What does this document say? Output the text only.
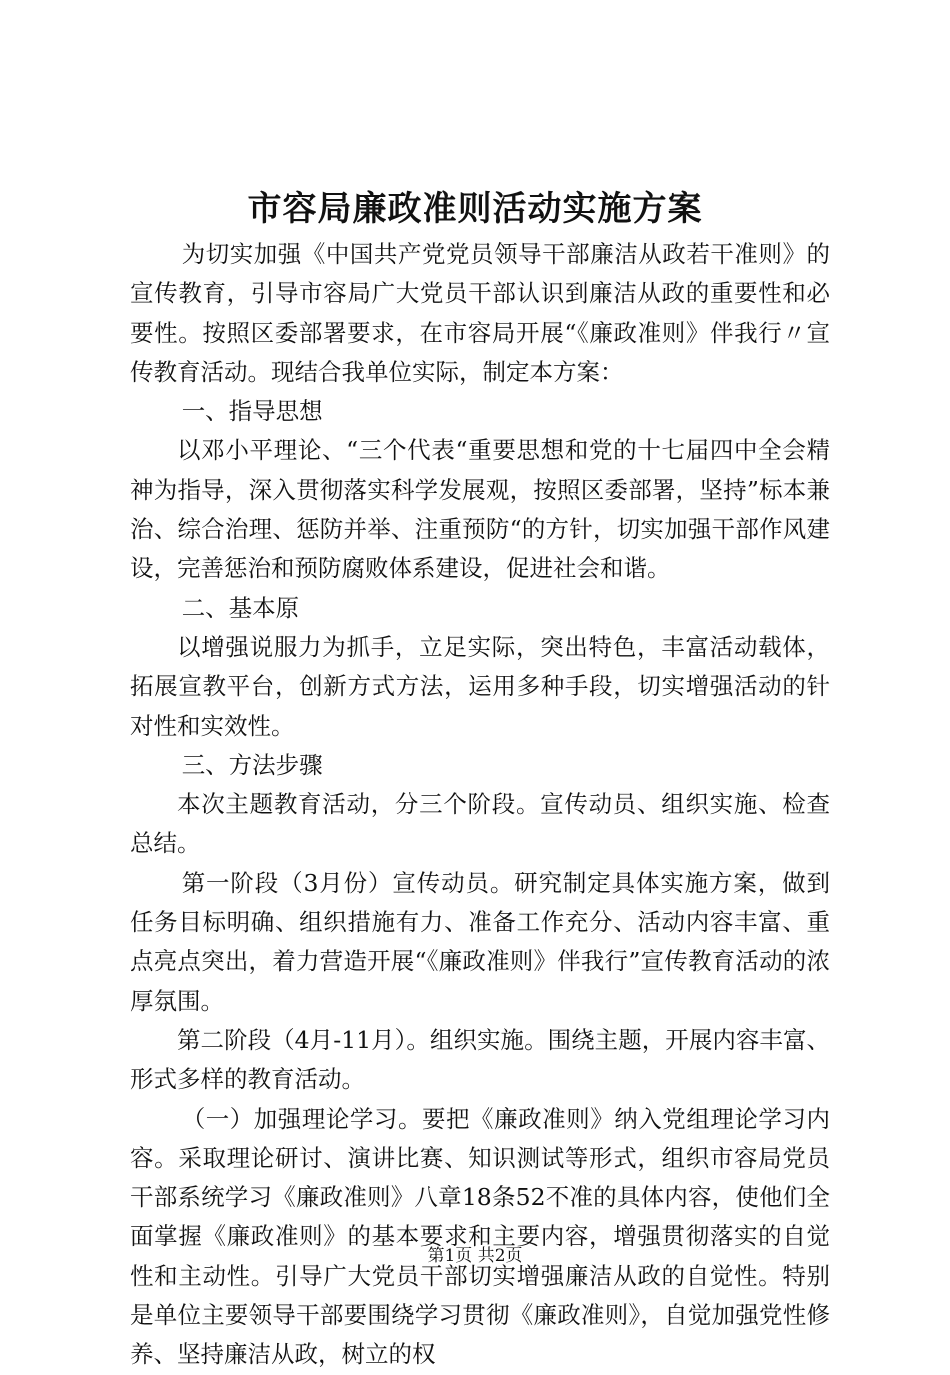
市容局廉政准则活动实施方案

为切实加强《中国共产党党员领导干部廉洁从政若干准则》的宣传教育，引导市容局广大党员干部认识到廉洁从政的重要性和必要性。按照区委部署要求，在市容局开展“《廉政准则》伴我行〃宣传教育活动。现结合我单位实际，制定本方案：

一、指导思想

以邓小平理论、“三个代表“重要思想和党的十七届四中全会精神为指导，深入贯彻落实科学发展观，按照区委部署，坚持”标本兼治、综合治理、惩防并举、注重预防“的方针，切实加强干部作风建设，完善惩治和预防腐败体系建设，促进社会和谐。

二、基本原

以增强说服力为抓手，立足实际，突出特色，丰富活动载体，拓展宣教平台，创新方式方法，运用多种手段，切实增强活动的针对性和实效性。

三、方法步骤

本次主题教育活动，分三个阶段。宣传动员、组织实施、检查总结。

第一阶段（3月份）宣传动员。研究制定具体实施方案，做到任务目标明确、组织措施有力、准备工作充分、活动内容丰富、重点亮点突出，着力营造开展“《廉政准则》伴我行”宣传教育活动的浓厚氛围。

第二阶段（4月-11月）。组织实施。围绕主题，开展内容丰富、形式多样的教育活动。

（一）加强理论学习。要把《廉政准则》纳入党组理论学习内容。采取理论研讨、演讲比赛、知识测试等形式，组织市容局党员干部系统学习《廉政准则》八章18条52不准的具体内容，使他们全面掌握《廉政准则》的基本要求和主要内容，增强贯彻落实的自觉性和主动性。引导广大党员干部切实增强廉洁从政的自觉性。特别是单位主要领导干部要围绕学习贯彻《廉政准则》，自觉加强党性修养、坚持廉洁从政，树立的权

第1页 共2页
